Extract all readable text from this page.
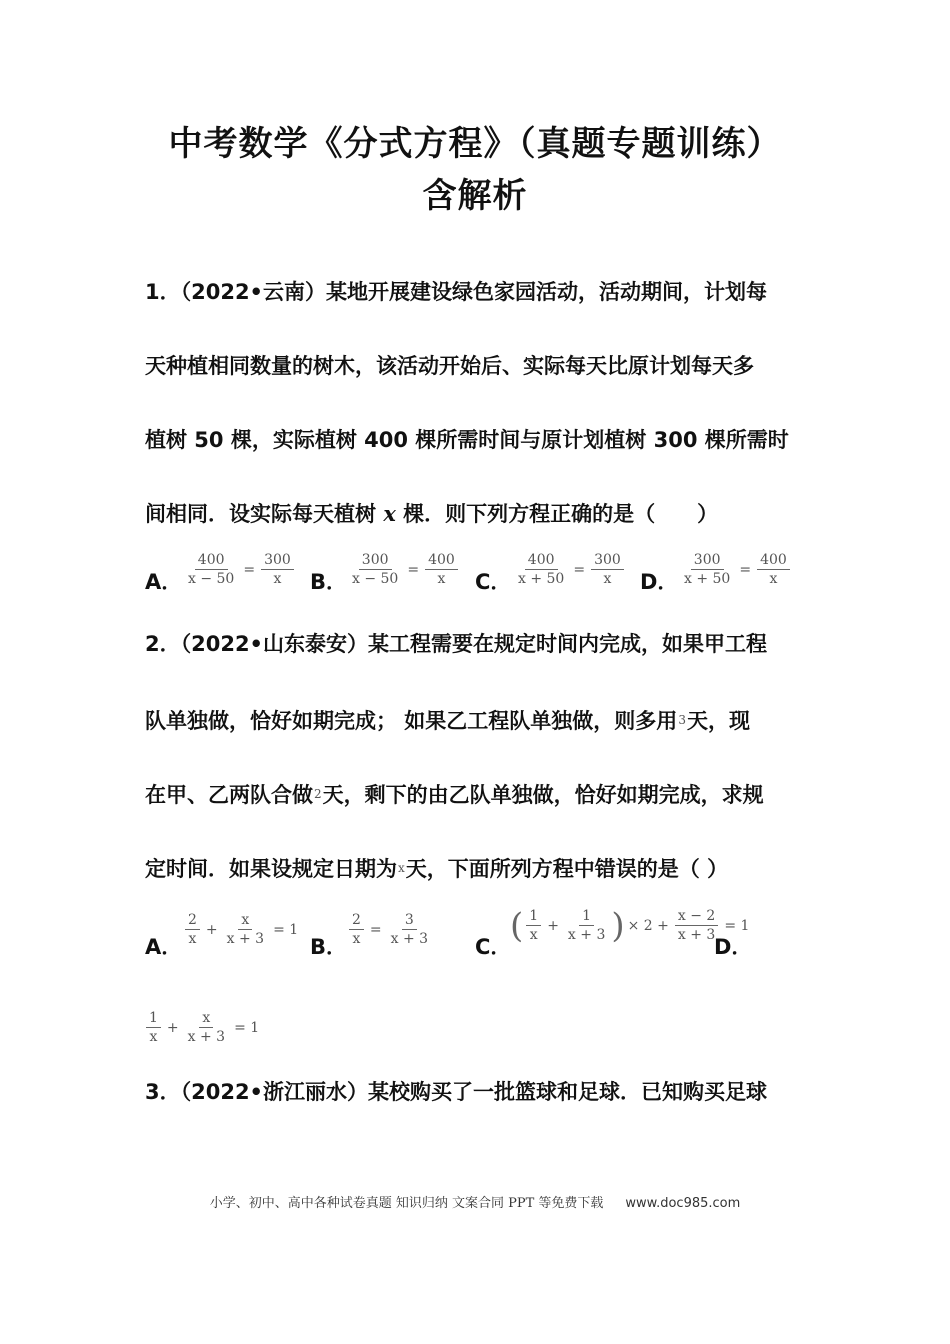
中考数学《分式方程》（真题专题训练）
含解析
1．（2022•云南）某地开展建设绿色家园活动，活动期间，计划每
天种植相同数量的树木，该活动开始后、实际每天比原计划每天多
植树 50 棵，实际植树 400 棵所需时间与原计划植树 300 棵所需时
间相同．设实际每天植树 x 棵．则下列方程正确的是（　　）
A． $\frac{400}{x - 50} = \frac{300}{x}$ B． $\frac{300}{x - 50} = \frac{400}{x}$ C． $\frac{400}{x + 50} = \frac{300}{x}$ D． $\frac{300}{x + 50} = \frac{400}{x}$
2．（2022•山东泰安）某工程需要在规定时间内完成，如果甲工程
队单独做，恰好如期完成； 如果乙工程队单独做，则多用3天，现
在甲、乙两队合做2天，剩下的由乙队单独做，恰好如期完成，求规
定时间．如果设规定日期为x天，下面所列方程中错误的是（ ）
A． $\frac{2}{x} + \frac{x}{x + 3} = 1$
B． $\frac{2}{x} = \frac{3}{x + 3}$ C．
( $\frac{1}{x} + \frac{1}{x + 3}$ ) × $2 + \frac{x - 2}{x + 3} = 1$
D．
$\frac{1}{x} + \frac{x}{x + 3} = 1$
3．（2022•浙江丽水）某校购买了一批篮球和足球．已知购买足球
小学、初中、高中各种试卷真题 知识归纳 文案合同 PPT 等免费下载 www.doc985.com
